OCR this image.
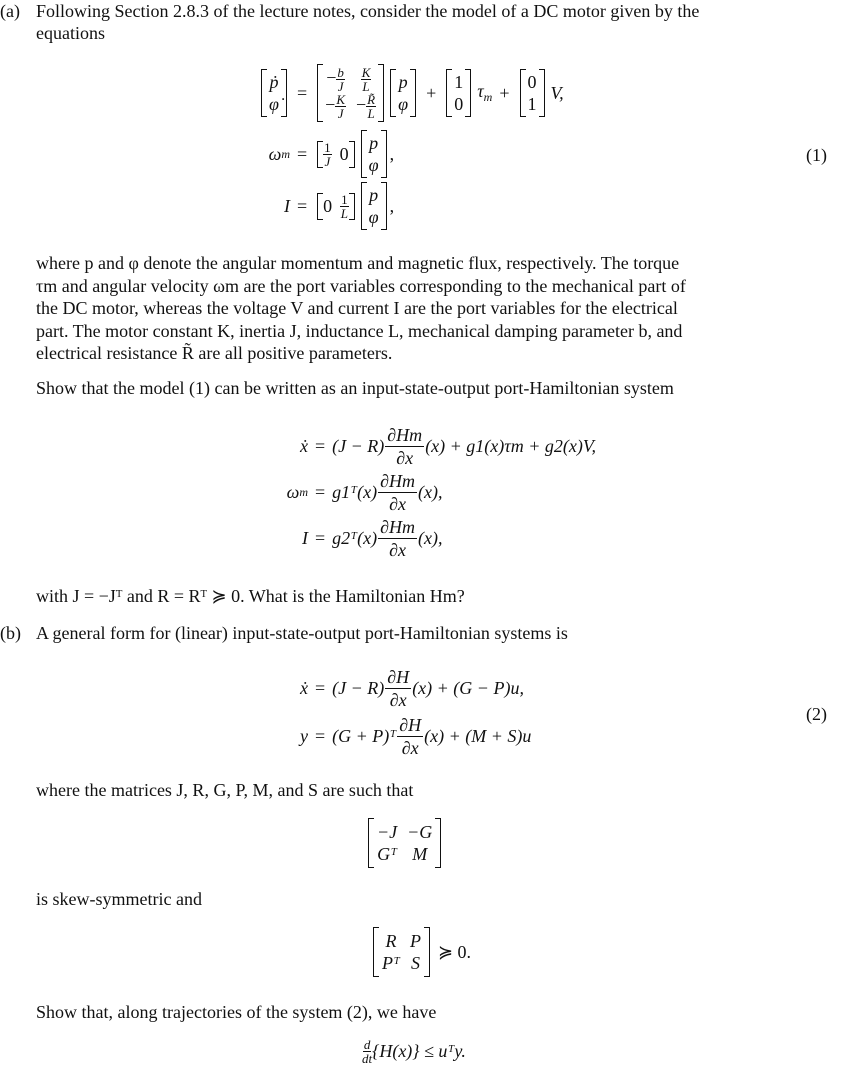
(a) Following Section 2.8.3 of the lecture notes, consider the model of a DC motor given by the
equations
ṗ
φ̇
=
− $\frac{b}{J} \frac{K}{L}$
− $\frac{K}{J} - \frac{R̃}{L}$
p
φ
+
1
0
$\tau_m$ +
0
1
V,
ω $m = \frac{1}{J} 0$
p
φ
,
$I = 0 \frac{1}{L}$ p
φ
,
(1)
where p and φ denote the angular momentum and magnetic flux, respectively. The torque
τm and angular velocity ωm are the port variables corresponding to the mechanical part of
the DC motor, whereas the voltage V and current I are the port variables for the electrical
part. The motor constant K, inertia J, inductance L, mechanical damping parameter b, and
electrical resistance R̃ are all positive parameters.
Show that the model (1) can be written as an input-state-output port-Hamiltonian system
ẋ = (J − R)
∂Hm
∂x
(x) + g1(x)τm + g2(x)V,
ω m = g1ᵀ(x)
∂Hm
∂x
(x),
I = g2ᵀ(x)
∂Hm
∂x
(x),
with J = −Jᵀ and R = Rᵀ ≽ 0. What is the Hamiltonian Hm?
(b) A general form for (linear) input-state-output port-Hamiltonian systems is
ẋ = (J − R)
∂H
∂x
(x) + (G − P)u,
y = (G + P)ᵀ
∂H
∂x
(x) + (M + S)u
(2)
where the matrices J, R, G, P, M, and S are such that
−J −G
Gᵀ M
is skew-symmetric and
R P
Pᵀ S
≽ 0.
Show that, along trajectories of the system (2), we have
$\frac{d}{dt} \{H(x)\}$ ≤ uᵀy.
